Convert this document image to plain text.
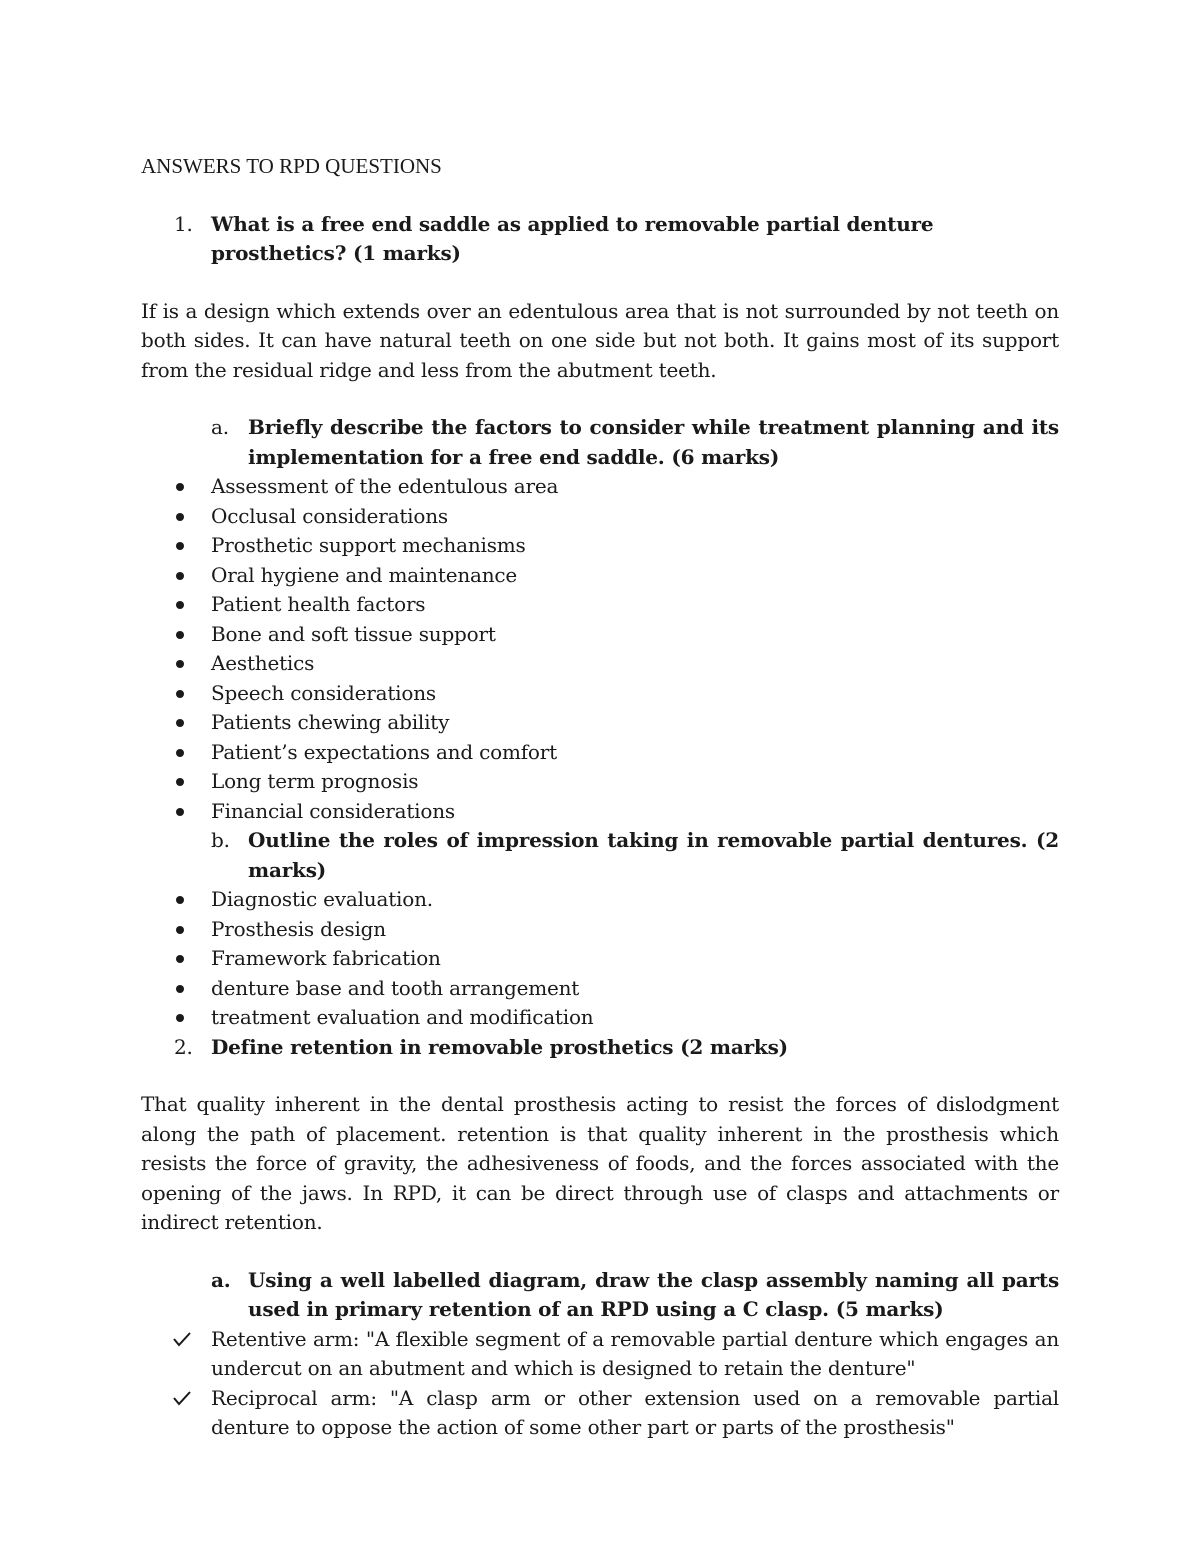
ANSWERS TO RPD QUESTIONS
1. What is a free end saddle as applied to removable partial denture prosthetics? (1 marks)

If is a design which extends over an edentulous area that is not surrounded by not teeth on both sides. It can have natural teeth on one side but not both. It gains most of its support from the residual ridge and less from the abutment teeth.

a. Briefly describe the factors to consider while treatment planning and its implementation for a free end saddle. (6 marks)
Assessment of the edentulous area
Occlusal considerations
Prosthetic support mechanisms
Oral hygiene and maintenance
Patient health factors
Bone and soft tissue support
Aesthetics
Speech considerations
Patients chewing ability
Patient’s expectations and comfort
Long term prognosis
Financial considerations
b. Outline the roles of impression taking in removable partial dentures. (2 marks)
Diagnostic evaluation.
Prosthesis design
Framework fabrication
denture base and tooth arrangement
treatment evaluation and modification
2. Define retention in removable prosthetics (2 marks)

That quality inherent in the dental prosthesis acting to resist the forces of dislodgment along the path of placement. retention is that quality inherent in the prosthesis which resists the force of gravity, the adhesiveness of foods, and the forces associated with the opening of the jaws. In RPD, it can be direct through use of clasps and attachments or indirect retention.

a. Using a well labelled diagram, draw the clasp assembly naming all parts used in primary retention of an RPD using a C clasp. (5 marks)
Retentive arm: "A flexible segment of a removable partial denture which engages an undercut on an abutment and which is designed to retain the denture"
Reciprocal arm: "A clasp arm or other extension used on a removable partial denture to oppose the action of some other part or parts of the prosthesis"
